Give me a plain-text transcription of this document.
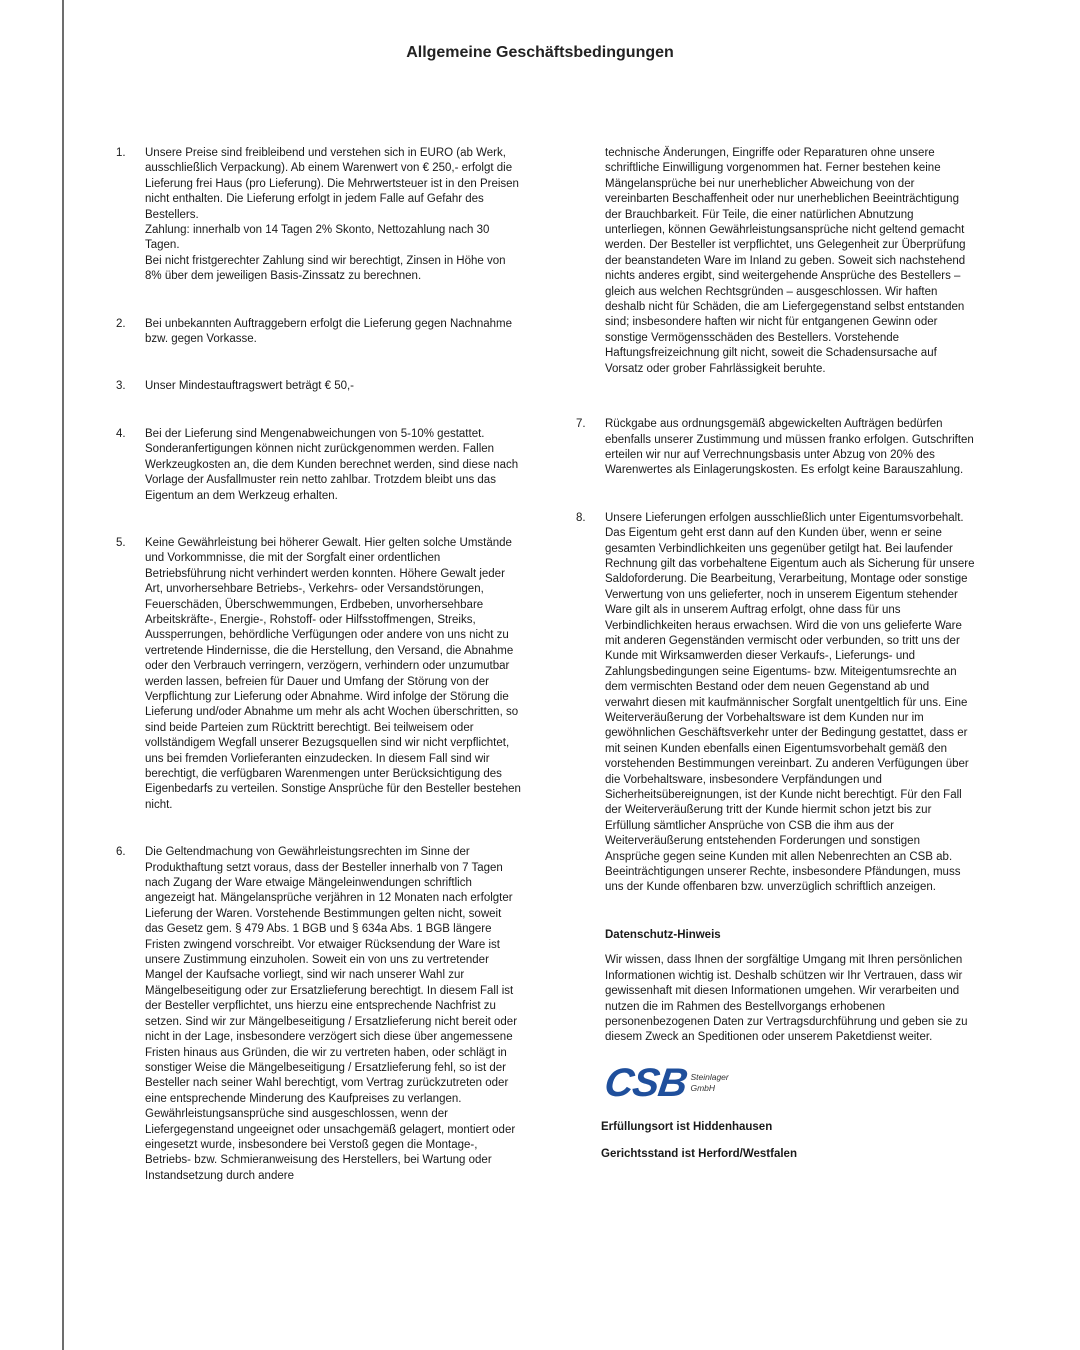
Allgemeine Geschäftsbedingungen
1.	Unsere Preise sind freibleibend und verstehen sich in EURO (ab Werk, ausschließlich Verpackung). Ab einem Warenwert von € 250,- erfolgt die Lieferung frei Haus (pro Lieferung). Die Mehrwertsteuer ist in den Preisen nicht enthalten. Die Lieferung erfolgt in jedem Falle auf Gefahr des Bestellers.

Zahlung: innerhalb von 14 Tagen 2% Skonto, Nettozahlung nach 30 Tagen.

Bei nicht fristgerechter Zahlung sind wir berechtigt, Zinsen in Höhe von 8% über dem jeweiligen Basis-Zinssatz zu berechnen.

2.	Bei unbekannten Auftraggebern erfolgt die Lieferung gegen Nachnahme bzw. gegen Vorkasse.

3.	Unser Mindestauftragswert beträgt € 50,-

4.	Bei der Lieferung sind Mengenabweichungen von 5-10% gestattet. Sonderanfertigungen können nicht zurückgenommen werden. Fallen Werkzeugkosten an, die dem Kunden berechnet werden, sind diese nach Vorlage der Ausfallmuster rein netto zahlbar. Trotzdem bleibt uns das Eigentum an dem Werkzeug erhalten.

5.	Keine Gewährleistung bei höherer Gewalt. Hier gelten solche Umstände und Vorkommnisse, die mit der Sorgfalt einer ordentlichen Betriebsführung nicht verhindert werden konnten. Höhere Gewalt jeder Art, unvorhersehbare Betriebs-, Verkehrs- oder Versandstörungen, Feuerschäden, Überschwemmungen, Erdbeben, unvorhersehbare Arbeitskräfte-, Energie-, Rohstoff- oder Hilfsstoffmengen, Streiks, Aussperrungen, behördliche Verfügungen oder andere von uns nicht zu vertretende Hindernisse, die die Herstellung, den Versand, die Abnahme oder den Verbrauch verringern, verzögern, verhindern oder unzumutbar werden lassen, befreien für Dauer und Umfang der Störung von der Verpflichtung zur Lieferung oder Abnahme. Wird infolge der Störung die Lieferung und/oder Abnahme um mehr als acht Wochen überschritten, so sind beide Parteien zum Rücktritt berechtigt. Bei teilweisem oder vollständigem Wegfall unserer Bezugsquellen sind wir nicht verpflichtet, uns bei fremden Vorlieferanten einzudecken. In diesem Fall sind wir berechtigt, die verfügbaren Warenmengen unter Berücksichtigung des Eigenbedarfs zu verteilen. Sonstige Ansprüche für den Besteller bestehen nicht.

6.	Die Geltendmachung von Gewährleistungsrechten im Sinne der Produkthaftung setzt voraus, dass der Besteller innerhalb von 7 Tagen nach Zugang der Ware etwaige Mängeleinwendungen schriftlich angezeigt hat. Mängelansprüche verjähren in 12 Monaten nach erfolgter Lieferung der Waren. Vorstehende Bestimmungen gelten nicht, soweit das Gesetz gem. § 479 Abs. 1 BGB und § 634a Abs. 1 BGB längere Fristen zwingend vorschreibt. Vor etwaiger Rücksendung der Ware ist unsere Zustimmung einzuholen. Soweit ein von uns zu vertretender Mangel der Kaufsache vorliegt, sind wir nach unserer Wahl zur Mängelbeseitigung oder zur Ersatzlieferung berechtigt. In diesem Fall ist der Besteller verpflichtet, uns hierzu eine entsprechende Nachfrist zu setzen. Sind wir zur Mängelbeseitigung / Ersatzlieferung nicht bereit oder nicht in der Lage, insbesondere verzögert sich diese über angemessene Fristen hinaus aus Gründen, die wir zu vertreten haben, oder schlägt in sonstiger Weise die Mängelbeseitigung / Ersatzlieferung fehl, so ist der Besteller nach seiner Wahl berechtigt, vom Vertrag zurückzutreten oder eine entsprechende Minderung des Kaufpreises zu verlangen. Gewährleistungsansprüche sind ausgeschlossen, wenn der Liefergegenstand ungeeignet oder unsachgemäß gelagert, montiert oder eingesetzt wurde, insbesondere bei Verstoß gegen die Montage-, Betriebs- bzw. Schmieranweisung des Herstellers, bei Wartung oder Instandsetzung durch andere

technische Änderungen, Eingriffe oder Reparaturen ohne unsere schriftliche Einwilligung vorgenommen hat. Ferner bestehen keine Mängelansprüche bei nur unerheblicher Abweichung von der vereinbarten Beschaffenheit oder nur unerheblichen Beeinträchtigung der Brauchbarkeit. Für Teile, die einer natürlichen Abnutzung unterliegen, können Gewährleistungsansprüche nicht geltend gemacht werden. Der Besteller ist verpflichtet, uns Gelegenheit zur Überprüfung der beanstandeten Ware im Inland zu geben. Soweit sich nachstehend nichts anderes ergibt, sind weitergehende Ansprüche des Bestellers – gleich aus welchen Rechtsgründen – ausgeschlossen. Wir haften deshalb nicht für Schäden, die am Liefergegenstand selbst entstanden sind; insbesondere haften wir nicht für entgangenen Gewinn oder sonstige Vermögensschäden des Bestellers. Vorstehende Haftungsfreizeichnung gilt nicht, soweit die Schadensursache auf Vorsatz oder grober Fahrlässigkeit beruhte.

7.	Rückgabe aus ordnungsgemäß abgewickelten Aufträgen bedürfen ebenfalls unserer Zustimmung und müssen franko erfolgen. Gutschriften erteilen wir nur auf Verrechnungsbasis unter Abzug von 20% des Warenwertes als Einlagerungskosten. Es erfolgt keine Barauszahlung.

8.	Unsere Lieferungen erfolgen ausschließlich unter Eigentumsvorbehalt. Das Eigentum geht erst dann auf den Kunden über, wenn er seine gesamten Verbindlichkeiten uns gegenüber getilgt hat. Bei laufender Rechnung gilt das vorbehaltene Eigentum auch als Sicherung für unsere Saldoforderung. Die Bearbeitung, Verarbeitung, Montage oder sonstige Verwertung von uns gelieferter, noch in unserem Eigentum stehender Ware gilt als in unserem Auftrag erfolgt, ohne dass für uns Verbindlichkeiten heraus erwachsen. Wird die von uns gelieferte Ware mit anderen Gegenständen vermischt oder verbunden, so tritt uns der Kunde mit Wirksamwerden dieser Verkaufs-, Lieferungs- und Zahlungsbedingungen seine Eigentums- bzw. Miteigentumsrechte an dem vermischten Bestand oder dem neuen Gegenstand ab und verwahrt diesen mit kaufmännischer Sorgfalt unentgeltlich für uns. Eine Weiterveräußerung der Vorbehaltsware ist dem Kunden nur im gewöhnlichen Geschäftsverkehr unter der Bedingung gestattet, dass er mit seinen Kunden ebenfalls einen Eigentumsvorbehalt gemäß den vorstehenden Bestimmungen vereinbart. Zu anderen Verfügungen über die Vorbehaltsware, insbesondere Verpfändungen und Sicherheitsübereignungen, ist der Kunde nicht berechtigt. Für den Fall der Weiterveräußerung tritt der Kunde hiermit schon jetzt bis zur Erfüllung sämtlicher Ansprüche von CSB die ihm aus der Weiterveräußerung entstehenden Forderungen und sonstigen Ansprüche gegen seine Kunden mit allen Nebenrechten an CSB ab. Beeinträchtigungen unserer Rechte, insbesondere Pfändungen, muss uns der Kunde offenbaren bzw. unverzüglich schriftlich anzeigen.

Datenschutz-Hinweis

Wir wissen, dass Ihnen der sorgfältige Umgang mit Ihren persönlichen Informationen wichtig ist. Deshalb schützen wir Ihr Vertrauen, dass wir gewissenhaft mit diesen Informationen umgehen. Wir verarbeiten und nutzen die im Rahmen des Bestellvorgangs erhobenen personenbezogenen Daten zur Vertragsdurchführung und geben sie zu diesem Zweck an Speditionen oder unserem Paketdienst weiter.

CSB Steinlager
GmbH
Erfüllungsort ist Hiddenhausen
Gerichtsstand ist Herford/Westfalen
